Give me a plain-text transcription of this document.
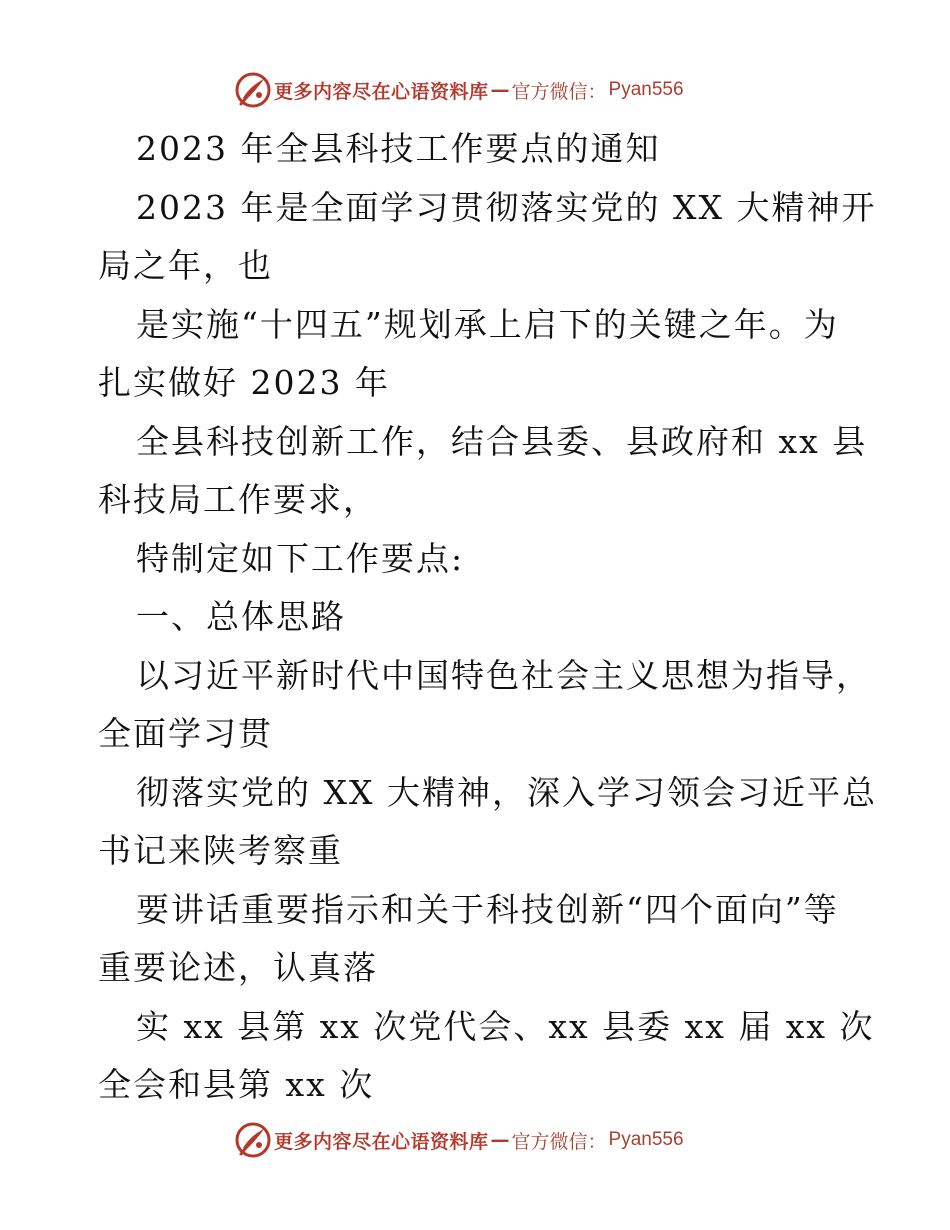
更多内容尽在心语资料库 — 官方微信： Pyan556
2023 年全县科技工作要点的通知
2023 年是全面学习贯彻落实党的 XX 大精神开
局之年，也
是实施“十四五”规划承上启下的关键之年。为
扎实做好 2023 年
全县科技创新工作，结合县委、县政府和 xx 县
科技局工作要求，
特制定如下工作要点:
一、总体思路
以习近平新时代中国特色社会主义思想为指导，
全面学习贯
彻落实党的 XX 大精神，深入学习领会习近平总
书记来陕考察重
要讲话重要指示和关于科技创新“四个面向”等
重要论述，认真落
实 xx 县第 xx 次党代会、xx 县委 xx 届 xx 次
全会和县第 xx 次
更多内容尽在心语资料库 — 官方微信： Pyan556
